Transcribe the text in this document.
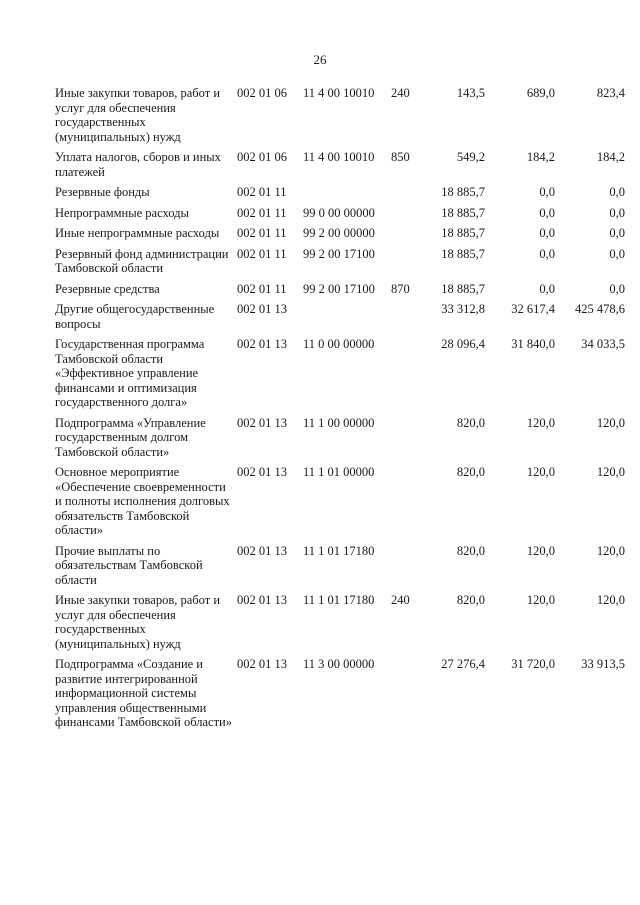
26
Иные закупки товаров, работ и услуг для обеспечения государственных (муниципальных) нужд	002 01 06	11 4 00 10010	240	143,5	689,0	823,4
Уплата налогов, сборов и иных платежей	002 01 06	11 4 00 10010	850	549,2	184,2	184,2
Резервные фонды	002 01 11			18 885,7	0,0	0,0
Непрограммные расходы	002 01 11	99 0 00 00000		18 885,7	0,0	0,0
Иные непрограммные расходы	002 01 11	99 2 00 00000		18 885,7	0,0	0,0
Резервный фонд администрации Тамбовской области	002 01 11	99 2 00 17100		18 885,7	0,0	0,0
Резервные средства	002 01 11	99 2 00 17100	870	18 885,7	0,0	0,0
Другие общегосударственные вопросы	002 01 13			33 312,8	32 617,4	425 478,6
Государственная программа Тамбовской области «Эффективное управление финансами и оптимизация государственного долга»	002 01 13	11 0 00 00000		28 096,4	31 840,0	34 033,5
Подпрограмма «Управление государственным долгом Тамбовской области»	002 01 13	11 1 00 00000		820,0	120,0	120,0
Основное мероприятие «Обеспечение своевременности и полноты исполнения долговых обязательств Тамбовской области»	002 01 13	11 1 01 00000		820,0	120,0	120,0
Прочие выплаты по обязательствам Тамбовской области	002 01 13	11 1 01 17180		820,0	120,0	120,0
Иные закупки товаров, работ и услуг для обеспечения государственных (муниципальных) нужд	002 01 13	11 1 01 17180	240	820,0	120,0	120,0
Подпрограмма «Создание и развитие интегрированной информационной системы управления общественными финансами Тамбовской области»	002 01 13	11 3 00 00000		27 276,4	31 720,0	33 913,5
